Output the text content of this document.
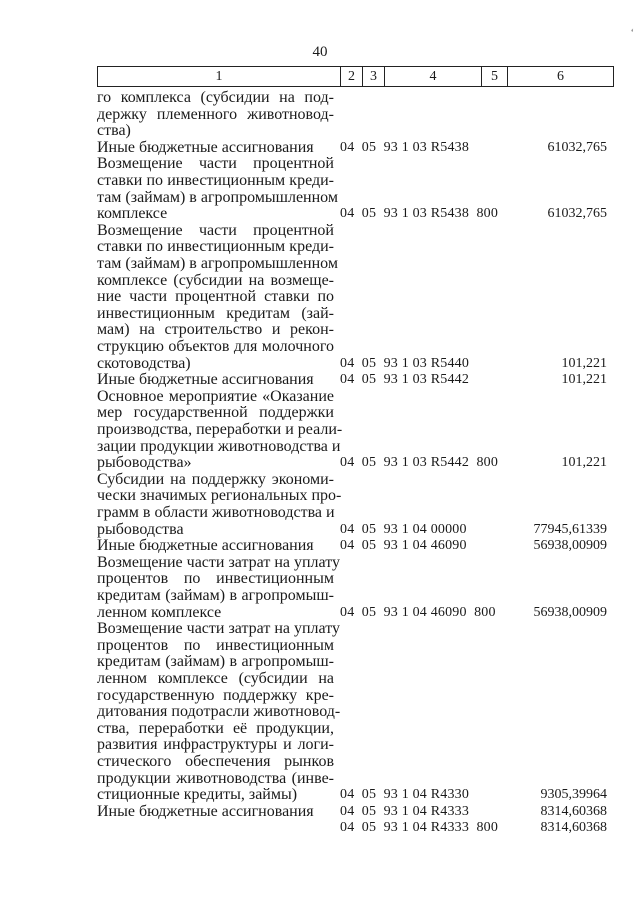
40
‘
1	2	3	4	5	6
го комплекса (субсидии на под-
держку племенного животновод-
ства)
Иные бюджетные ассигнования	04  05  93 1 03 R5438	61032,765
Возмещение части процентной
ставки по инвестиционным креди-
там (займам) в агропромышленном
комплексе	04  05  93 1 03 R5438  800	61032,765
Возмещение части процентной
ставки по инвестиционным креди-
там (займам) в агропромышленном
комплексе (субсидии на возмеще-
ние части процентной ставки по
инвестиционным кредитам (зай-
мам) на строительство и рекон-
струкцию объектов для молочного
скотоводства)	04  05  93 1 03 R5440	101,221
Иные бюджетные ассигнования	04  05  93 1 03 R5442	101,221
Основное мероприятие «Оказание
мер государственной поддержки
производства, переработки и реали-
зации продукции животноводства и
рыбоводства»	04  05  93 1 03 R5442  800	101,221
Субсидии на поддержку экономи-
чески значимых региональных про-
грамм в области животноводства и
рыбоводства	04  05  93 1 04 00000	77945,61339
Иные бюджетные ассигнования	04  05  93 1 04 46090	56938,00909
Возмещение части затрат на уплату
процентов по инвестиционным
кредитам (займам) в агропромыш-
ленном комплексе	04  05  93 1 04 46090  800	56938,00909
Возмещение части затрат на уплату
процентов по инвестиционным
кредитам (займам) в агропромыш-
ленном комплексе (субсидии на
государственную поддержку кре-
дитования подотрасли животновод-
ства, переработки её продукции,
развития инфраструктуры и логи-
стического обеспечения рынков
продукции животноводства (инве-
стиционные кредиты, займы)	04  05  93 1 04 R4330	9305,39964
Иные бюджетные ассигнования	04  05  93 1 04 R4333	8314,60368
04  05  93 1 04 R4333  800	8314,60368
